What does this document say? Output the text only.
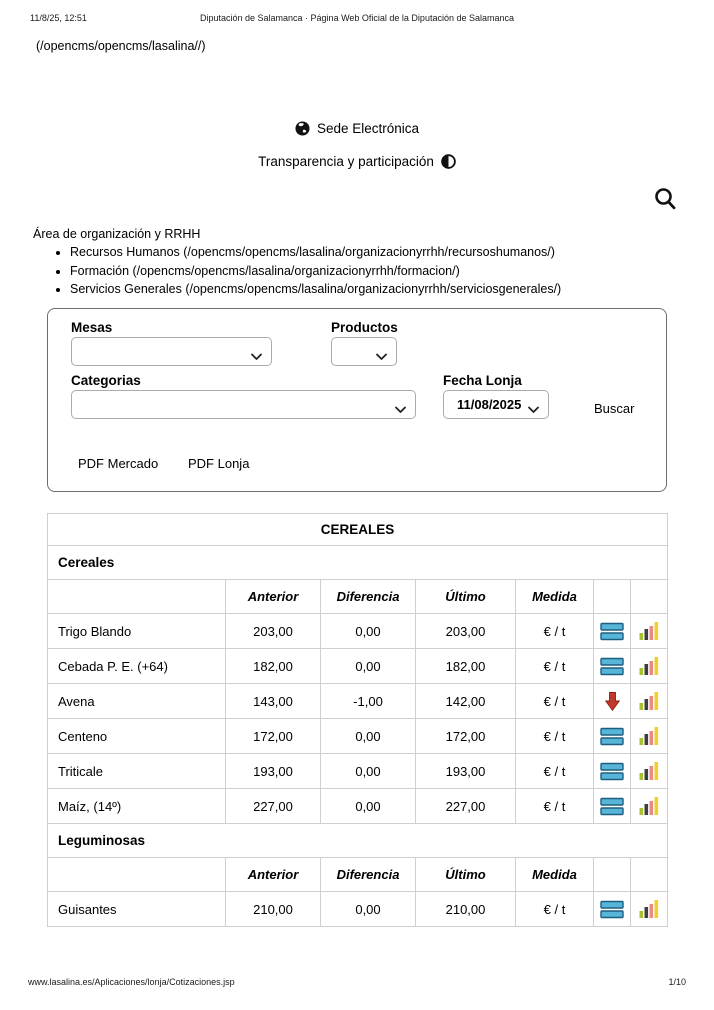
11/8/25, 12:51	Diputación de Salamanca · Página Web Oficial de la Diputación de Salamanca
(/opencms/opencms/lasalina//)
Sede Electrónica
Transparencia y participación
Área de organización y RRHH
• Recursos Humanos (/opencms/opencms/lasalina/organizacionyrrhh/recursoshumanos/)
• Formación (/opencms/opencms/lasalina/organizacionyrrhh/formacion/)
• Servicios Generales (/opencms/opencms/lasalina/organizacionyrrhh/serviciosgenerales/)
Mesas	Productos
Categorias	Fecha Lonja
11/08/2025	Buscar
PDF Mercado PDF Lonja
CEREALES						
Cereales						
	Anterior	Diferencia	Último	Medida		
Trigo Blando	203,00	0,00	203,00	€ / t		
Cebada P. E. (+64)	182,00	0,00	182,00	€ / t		
Avena	143,00	-1,00	142,00	€ / t		
Centeno	172,00	0,00	172,00	€ / t		
Triticale	193,00	0,00	193,00	€ / t		
Maíz, (14º)	227,00	0,00	227,00	€ / t		
Leguminosas						
	Anterior	Diferencia	Último	Medida		
Guisantes	210,00	0,00	210,00	€ / t		
www.lasalina.es/Aplicaciones/lonja/Cotizaciones.jsp	1/10
